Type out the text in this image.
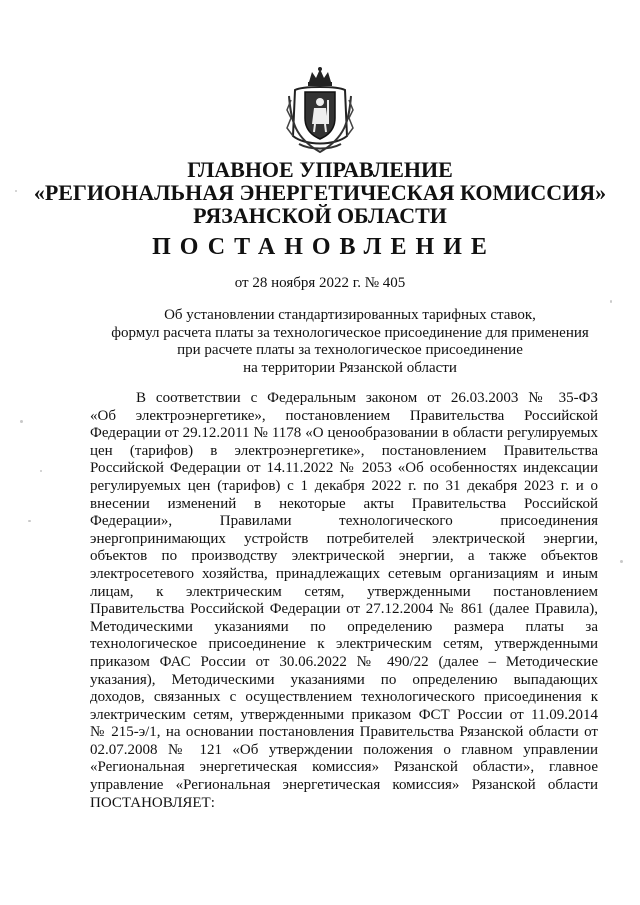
ГЛАВНОЕ УПРАВЛЕНИЕ
«РЕГИОНАЛЬНАЯ ЭНЕРГЕТИЧЕСКАЯ КОМИССИЯ»
РЯЗАНСКОЙ ОБЛАСТИ
ПОСТАНОВЛЕНИЕ
от 28 ноября 2022 г. № 405
Об установлении стандартизированных тарифных ставок,
формул расчета платы за технологическое присоединение для применения
при расчете платы за технологическое присоединение
на территории Рязанской области
В соответствии с Федеральным законом от 26.03.2003 № 35-ФЗ
«Об электроэнергетике», постановлением Правительства Российской
Федерации от 29.12.2011 № 1178 «О ценообразовании в области регулируемых
цен (тарифов) в электроэнергетике», постановлением Правительства
Российской Федерации от 14.11.2022 № 2053 «Об особенностях индексации
регулируемых цен (тарифов) с 1 декабря 2022 г. по 31 декабря 2023 г. и о
внесении изменений в некоторые акты Правительства Российской
Федерации», Правилами технологического присоединения
энергопринимающих устройств потребителей электрической энергии,
объектов по производству электрической энергии, а также объектов
электросетевого хозяйства, принадлежащих сетевым организациям и иным
лицам, к электрическим сетям, утвержденными постановлением
Правительства Российской Федерации от 27.12.2004 № 861 (далее Правила),
Методическими указаниями по определению размера платы за
технологическое присоединение к электрическим сетям, утвержденными
приказом ФАС России от 30.06.2022 № 490/22 (далее – Методические
указания), Методическими указаниями по определению выпадающих
доходов, связанных с осуществлением технологического присоединения к
электрическим сетям, утвержденными приказом ФСТ России от 11.09.2014
№ 215-э/1, на основании постановления Правительства Рязанской области от
02.07.2008 № 121 «Об утверждении положения о главном управлении
«Региональная энергетическая комиссия» Рязанской области», главное
управление «Региональная энергетическая комиссия» Рязанской области
ПОСТАНОВЛЯЕТ:
